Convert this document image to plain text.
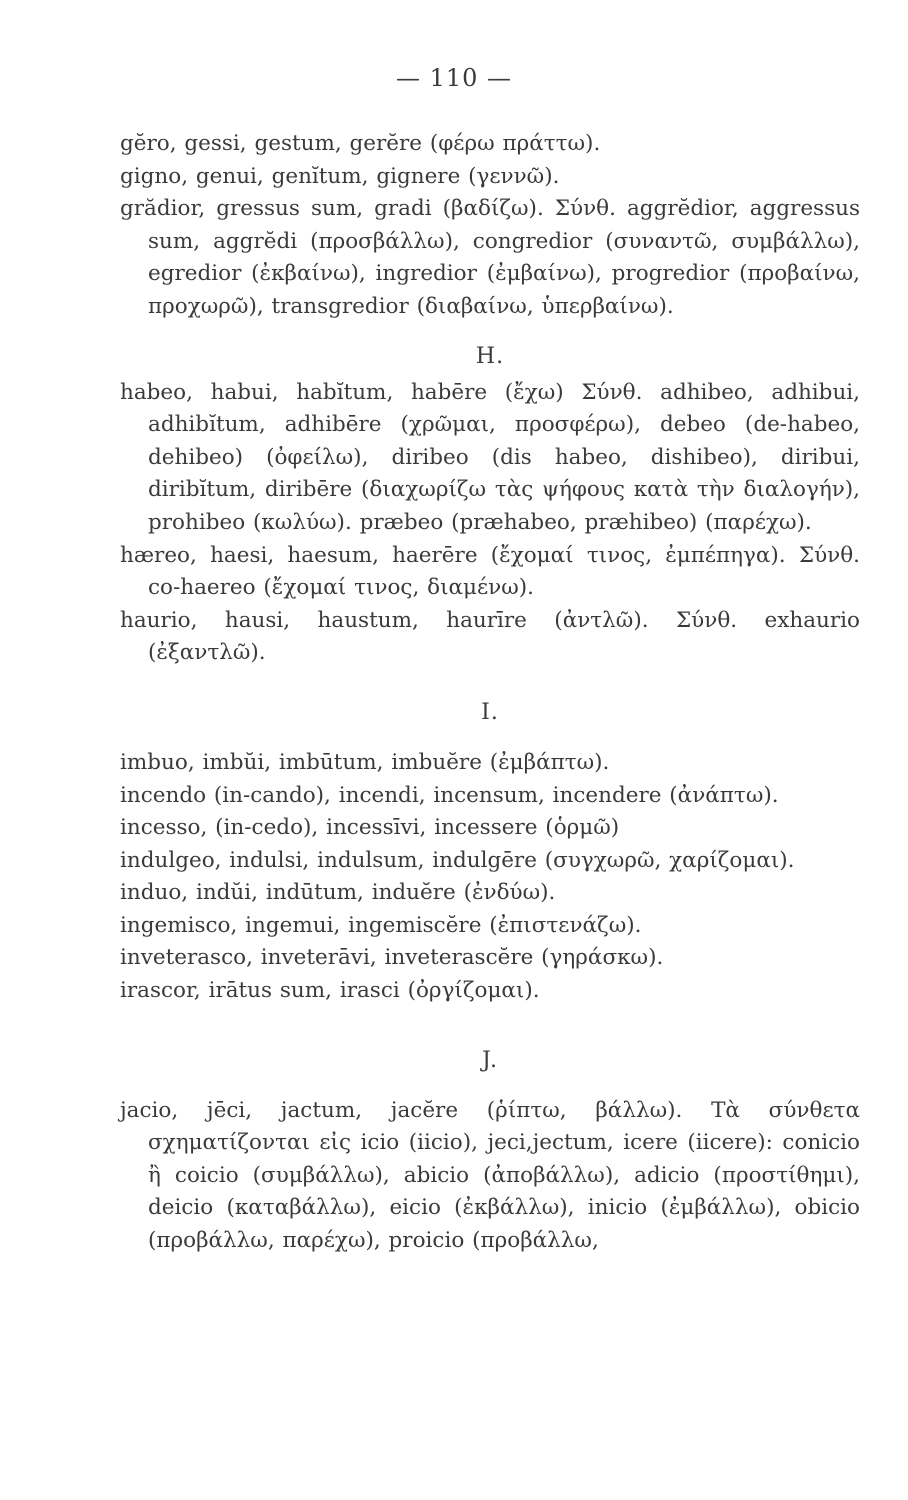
— 110 —

gĕro, gessi, gestum, gerĕre (φέρω πράττω).

gigno, genui, genĭtum, gignere (γεννῶ).

grădior, gressus sum, gradi (βαδίζω). Σύνθ. aggrĕdior, aggressus sum, aggrĕdi (προσβάλλω), congredior (συναντῶ, συμβάλλω), egredior (ἐκβαίνω), ingredior (ἐμβαίνω), progredior (προβαίνω, προχωρῶ), transgredior (διαβαίνω, ὑπερβαίνω).

H.

habeo, habui, habĭtum, habēre (ἔχω) Σύνθ. adhibeo, adhibui, adhibĭtum, adhibēre (χρῶμαι, προσφέρω), debeo (de-habeo, dehibeo) (ὀφείλω), diribeo (dis habeo, dishibeo), diribui, diribĭtum, diribēre (διαχωρίζω τὰς ψήφους κατὰ τὴν διαλογήν), prohibeo (κωλύω). præbeo (præhabeo, præhibeo) (παρέχω).

hæreo, haesi, haesum, haerēre (ἔχομαί τινος, ἐμπέπηγα). Σύνθ. co-haereo (ἔχομαί τινος, διαμένω).

haurio, hausi, haustum, haurīre (ἀντλῶ). Σύνθ. exhaurio (ἐξαντλῶ).

I.

imbuo, imbŭi, imbūtum, imbuĕre (ἐμβάπτω).

incendo (in-cando), incendi, incensum, incendere (ἀνάπτω).

incesso, (in-cedo), incessīvi, incessere (ὁρμῶ)

indulgeo, indulsi, indulsum, indulgēre (συγχωρῶ, χαρίζομαι).

induo, indŭi, indūtum, induĕre (ἐνδύω).

ingemisco, ingemui, ingemiscĕre (ἐπιστενάζω).

inveterasco, inveterāvi, inveterascĕre (γηράσκω).

irascor, irātus sum, irasci (ὀργίζομαι).

J.

jacio, jēci, jactum, jacĕre (ῥίπτω, βάλλω). Τὰ σύνθετα σχηματίζονται εἰς icio (iicio), jeci,jectum, icere (iicere): conicio ἢ coicio (συμβάλλω), abicio (ἀποβάλλω), adicio (προστίθημι), deicio (καταβάλλω), eicio (ἐκβάλλω), inicio (ἐμβάλλω), obicio (προβάλλω, παρέχω), proicio (προβάλλω,
